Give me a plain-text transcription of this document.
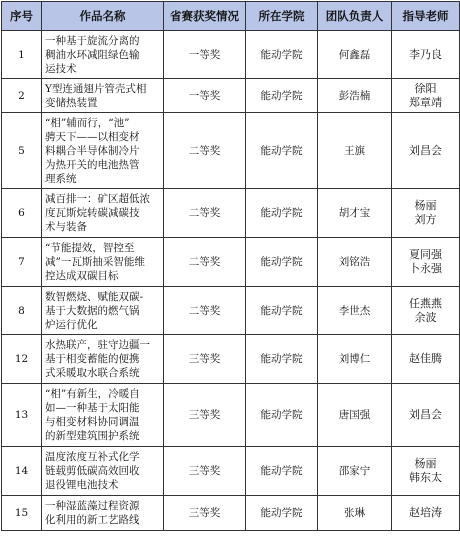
序号	作品名称	省赛获奖情况	所在学院	团队负责人	指导老师
1	一种基于旋流分离的
稠油水环减阻绿色输
运技术	一等奖	能动学院	何鑫磊	李乃良

2	Y型连通翅片管壳式相
变储热装置	一等奖	能动学院	彭浩楠	徐阳
郑章靖

5	“相”辅而行，“池”
骋天下——以相变材
料耦合半导体制冷片
为热开关的电池热管
理系统	二等奖	能动学院	王旗	刘昌会

6	减百排一：矿区超低浓
度瓦斯烷转碳减碳技
术与装备	二等奖	能动学院	胡才宝	杨丽
刘方

7	“节能提效，智控至
减”一瓦斯抽采智能维
控达成双碳目标	二等奖	能动学院	刘铭浩	夏同强
卜永强

8	数智燃烧、赋能双碳-
基于大数据的燃气锅
炉运行优化	二等奖	能动学院	李世杰	任燕燕
余波

12	水热联产，驻守边疆一
基于相变蓄能的便携
式采暖取水联合系统	三等奖	能动学院	刘博仁	赵佳腾

13	“相”有新生，冷暖自
如—一种基于太阳能
与相变材料协同调温
的新型建筑围护系统	三等奖	能动学院	唐国强	刘昌会

14	温度浓度互补式化学
链载剪低碳高效回收
退役锂电池技术	三等奖	能动学院	邵家宁	杨丽
韩东太

15	一种湿蓝藻过程资源
化利用的新工艺路线	三等奖	能动学院	张琳	赵培涛
